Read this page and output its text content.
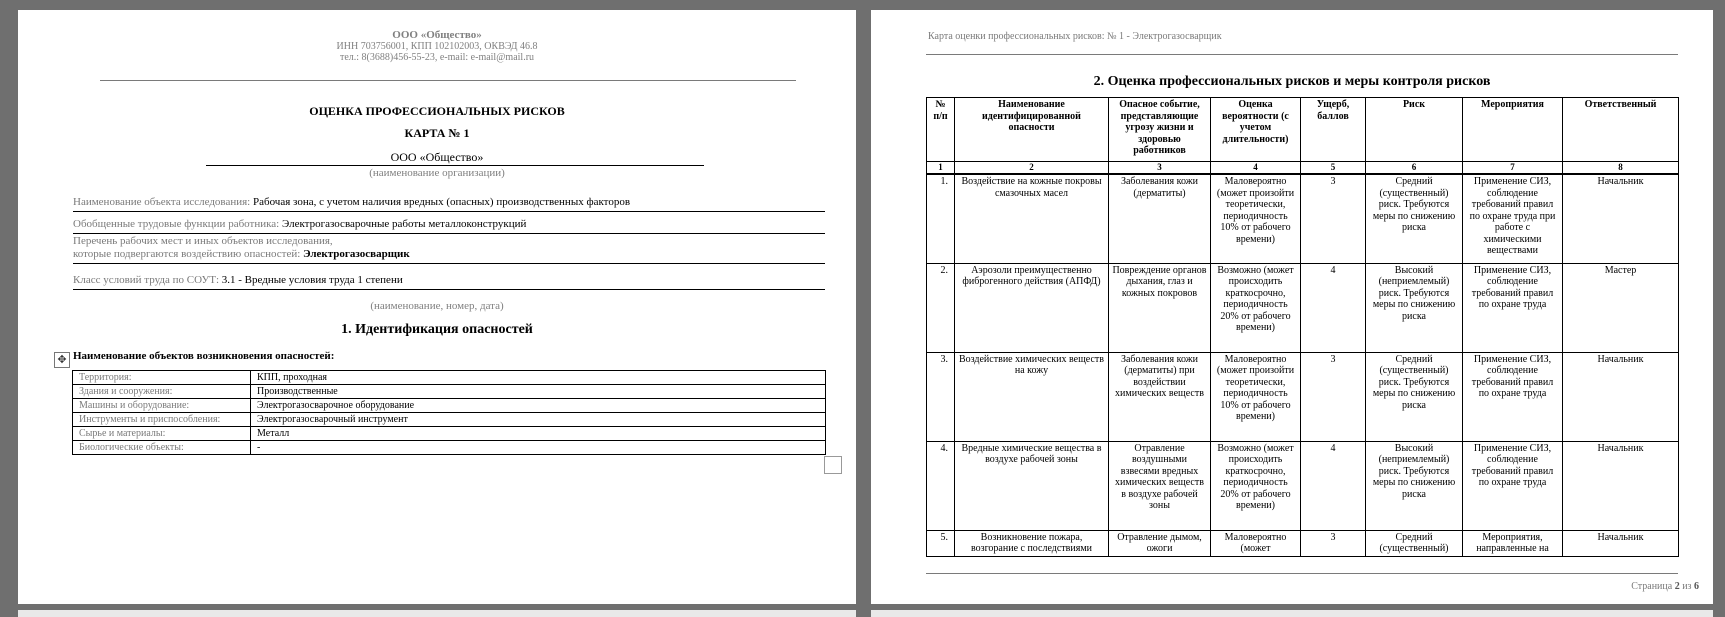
ООО «Общество»
ИНН 703756001, КПП 102102003, ОКВЭД 46.8
тел.: 8(3688)456-55-23, e-mail: e-mail@mail.ru
ОЦЕНКА ПРОФЕССИОНАЛЬНЫХ РИСКОВ
КАРТА № 1
ООО «Общество»
(наименование организации)
Наименование объекта исследования: Рабочая зона, с учетом наличия вредных (опасных) производственных факторов
Обобщенные трудовые функции работника: Электрогазосварочные работы металлоконструкций
Перечень рабочих мест и иных объектов исследования,
которые подвергаются воздействию опасностей: Электрогазосварщик
Класс условий труда по СОУТ: 3.1 - Вредные условия труда 1 степени
(наименование, номер, дата)
1. Идентификация опасностей
✥ Наименование объектов возникновения опасностей:
Территория:	КПП, проходная
Здания и сооружения:	Производственные
Машины и оборудование:	Электрогазосварочное оборудование
Инструменты и приспособления:	Электрогазосварочный инструмент
Сырье и материалы:	Металл
Биологические объекты:	-
Карта оценки профессиональных рисков: № 1 - Электрогазосварщик
2. Оценка профессиональных рисков и меры контроля рисков
№ п/п	Наименование идентифицированной опасности	Опасное событие, представляющие угрозу жизни и здоровью работников	Оценка вероятности (с учетом длительности)	Ущерб, баллов	Риск	Мероприятия	Ответственный
1	2	3	4	5	6	7	8
1.	Воздействие на кожные покровы смазочных масел	Заболевания кожи (дерматиты)	Маловероятно (может произойти теоретически, периодичность 10% от рабочего времени)	3	Средний (существенный) риск. Требуются меры по снижению риска	Применение СИЗ, соблюдение требований правил по охране труда при работе с химическими веществами	Начальник
2.	Аэрозоли преимущественно фиброгенного действия (АПФД)	Повреждение органов дыхания, глаз и кожных покровов	Возможно (может происходить краткосрочно, периодичность 20% от рабочего времени)	4	Высокий (неприемлемый) риск. Требуются меры по снижению риска	Применение СИЗ, соблюдение требований правил по охране труда	Мастер
3.	Воздействие химических веществ на кожу	Заболевания кожи (дерматиты) при воздействии химических веществ	Маловероятно (может произойти теоретически, периодичность 10% от рабочего времени)	3	Средний (существенный) риск. Требуются меры по снижению риска	Применение СИЗ, соблюдение требований правил по охране труда	Начальник
4.	Вредные химические вещества в воздухе рабочей зоны	Отравление воздушными взвесями вредных химических веществ в воздухе рабочей зоны	Возможно (может происходить краткосрочно, периодичность 20% от рабочего времени)	4	Высокий (неприемлемый) риск. Требуются меры по снижению риска	Применение СИЗ, соблюдение требований правил по охране труда	Начальник
5.	Возникновение пожара, возгорание с последствиями	Отравление дымом, ожоги	Маловероятно (может	3	Средний (существенный)	Мероприятия, направленные на	Начальник
Страница 2 из 6
